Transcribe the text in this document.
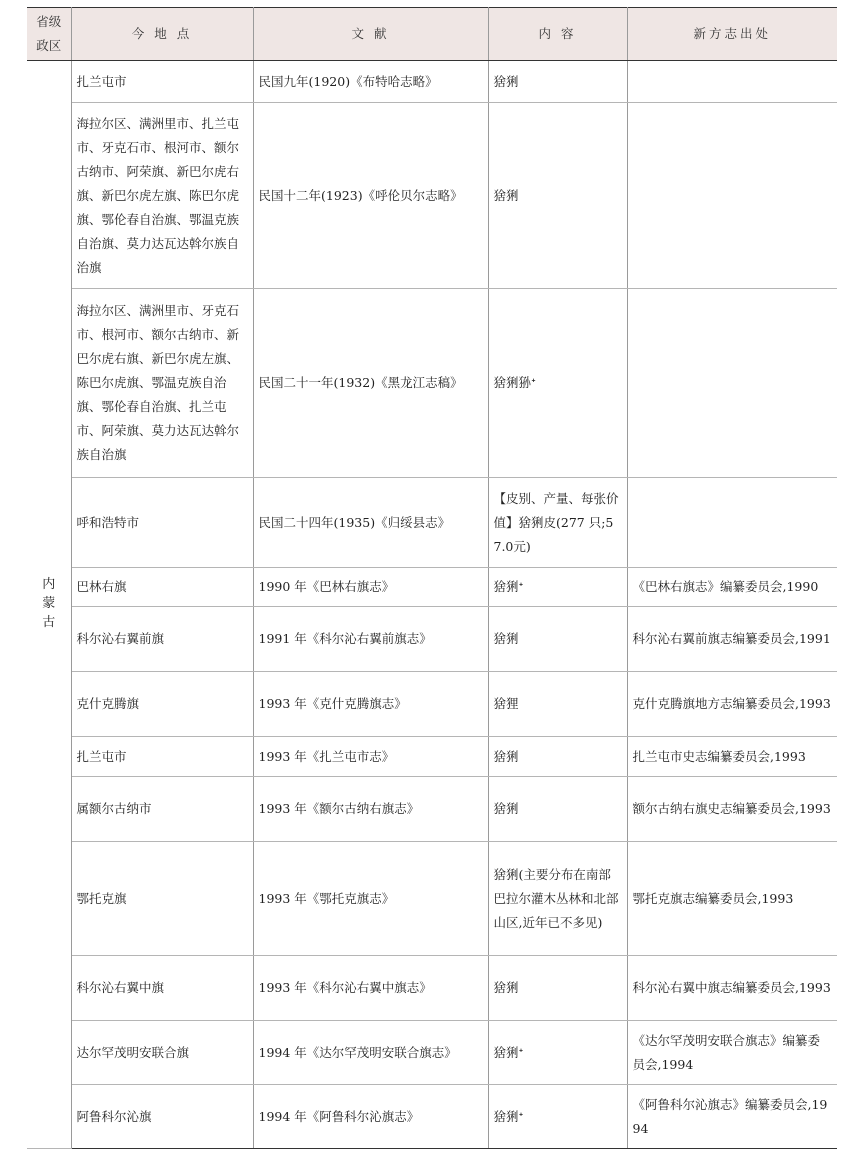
省级
政区	今 地 点	文 献	内 容	新方志出处
内蒙古	扎兰屯市	民国九年(1920)《布特哈志略》	猞猁	
	海拉尔区、满洲里市、扎兰屯市、牙克石市、根河市、额尔古纳市、阿荣旗、新巴尔虎右旗、新巴尔虎左旗、陈巴尔虎旗、鄂伦春自治旗、鄂温克族自治旗、莫力达瓦达斡尔族自治旗	民国十二年(1923)《呼伦贝尔志略》	猞猁	
	海拉尔区、满洲里市、牙克石市、根河市、额尔古纳市、新巴尔虎右旗、新巴尔虎左旗、陈巴尔虎旗、鄂温克族自治旗、鄂伦春自治旗、扎兰屯市、阿荣旗、莫力达瓦达斡尔族自治旗	民国二十一年(1932)《黑龙江志稿》	猞猁狲ᐩ	
	呼和浩特市	民国二十四年(1935)《归绥县志》	【皮别、产量、每张价值】猞猁皮(277 只;57.0元)	
	巴林右旗	1990 年《巴林右旗志》	猞猁ᐩ	《巴林右旗志》编纂委员会,1990
	科尔沁右翼前旗	1991 年《科尔沁右翼前旗志》	猞猁	科尔沁右翼前旗志编纂委员会,1991
	克什克腾旗	1993 年《克什克腾旗志》	猞狸	克什克腾旗地方志编纂委员会,1993
	扎兰屯市	1993 年《扎兰屯市志》	猞猁	扎兰屯市史志编纂委员会,1993
	属额尔古纳市	1993 年《额尔古纳右旗志》	猞猁	额尔古纳右旗史志编纂委员会,1993
	鄂托克旗	1993 年《鄂托克旗志》	猞猁(主要分布在南部巴拉尔灌木丛林和北部山区,近年已不多见)	鄂托克旗志编纂委员会,1993
	科尔沁右翼中旗	1993 年《科尔沁右翼中旗志》	猞猁	科尔沁右翼中旗志编纂委员会,1993
	达尔罕茂明安联合旗	1994 年《达尔罕茂明安联合旗志》	猞猁ᐩ	《达尔罕茂明安联合旗志》编纂委员会,1994
	阿鲁科尔沁旗	1994 年《阿鲁科尔沁旗志》	猞猁ᐩ	《阿鲁科尔沁旗志》编纂委员会,1994
